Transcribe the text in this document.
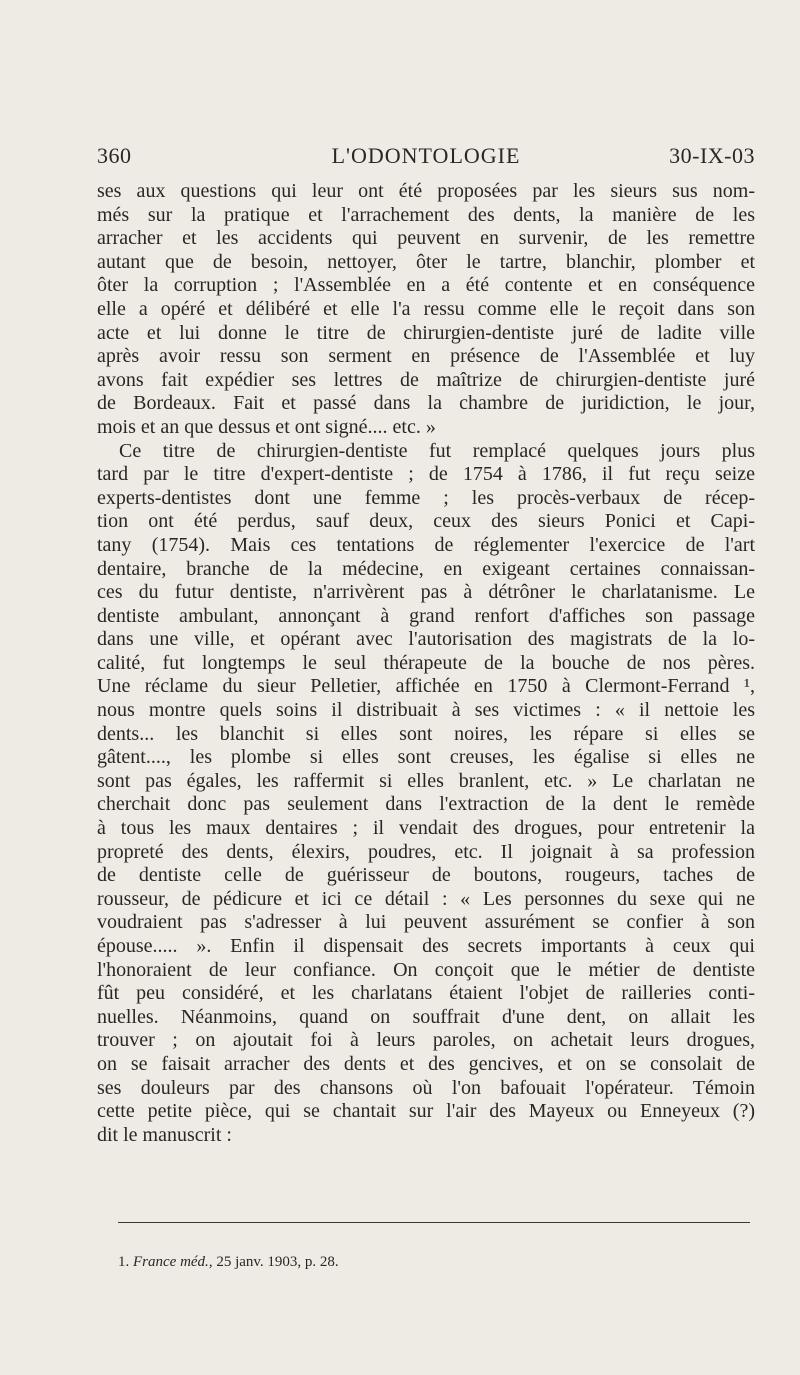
360	L'ODONTOLOGIE	30-IX-03
ses aux questions qui leur ont été proposées par les sieurs sus nom-
més sur la pratique et l'arrachement des dents, la manière de les
arracher et les accidents qui peuvent en survenir, de les remettre
autant que de besoin, nettoyer, ôter le tartre, blanchir, plomber et
ôter la corruption ; l'Assemblée en a été contente et en conséquence
elle a opéré et délibéré et elle l'a ressu comme elle le reçoit dans son
acte et lui donne le titre de chirurgien-dentiste juré de ladite ville
après avoir ressu son serment en présence de l'Assemblée et luy
avons fait expédier ses lettres de maîtrize de chirurgien-dentiste juré
de Bordeaux. Fait et passé dans la chambre de juridiction, le jour,
mois et an que dessus et ont signé.... etc. »
Ce titre de chirurgien-dentiste fut remplacé quelques jours plus
tard par le titre d'expert-dentiste ; de 1754 à 1786, il fut reçu seize
experts-dentistes dont une femme ; les procès-verbaux de récep-
tion ont été perdus, sauf deux, ceux des sieurs Ponici et Capi-
tany (1754). Mais ces tentations de réglementer l'exercice de l'art
dentaire, branche de la médecine, en exigeant certaines connaissan-
ces du futur dentiste, n'arrivèrent pas à détrôner le charlatanisme. Le
dentiste ambulant, annonçant à grand renfort d'affiches son passage
dans une ville, et opérant avec l'autorisation des magistrats de la lo-
calité, fut longtemps le seul thérapeute de la bouche de nos pères.
Une réclame du sieur Pelletier, affichée en 1750 à Clermont-Ferrand ¹,
nous montre quels soins il distribuait à ses victimes : « il nettoie les
dents... les blanchit si elles sont noires, les répare si elles se
gâtent...., les plombe si elles sont creuses, les égalise si elles ne
sont pas égales, les raffermit si elles branlent, etc. » Le charlatan ne
cherchait donc pas seulement dans l'extraction de la dent le remède
à tous les maux dentaires ; il vendait des drogues, pour entretenir la
propreté des dents, élexirs, poudres, etc. Il joignait à sa profession
de dentiste celle de guérisseur de boutons, rougeurs, taches de
rousseur, de pédicure et ici ce détail : « Les personnes du sexe qui ne
voudraient pas s'adresser à lui peuvent assurément se confier à son
épouse..... ». Enfin il dispensait des secrets importants à ceux qui
l'honoraient de leur confiance. On conçoit que le métier de dentiste
fût peu considéré, et les charlatans étaient l'objet de railleries conti-
nuelles. Néanmoins, quand on souffrait d'une dent, on allait les
trouver ; on ajoutait foi à leurs paroles, on achetait leurs drogues,
on se faisait arracher des dents et des gencives, et on se consolait de
ses douleurs par des chansons où l'on bafouait l'opérateur. Témoin
cette petite pièce, qui se chantait sur l'air des Mayeux ou Enneyeux (?)
dit le manuscrit :
1. France méd., 25 janv. 1903, p. 28.
